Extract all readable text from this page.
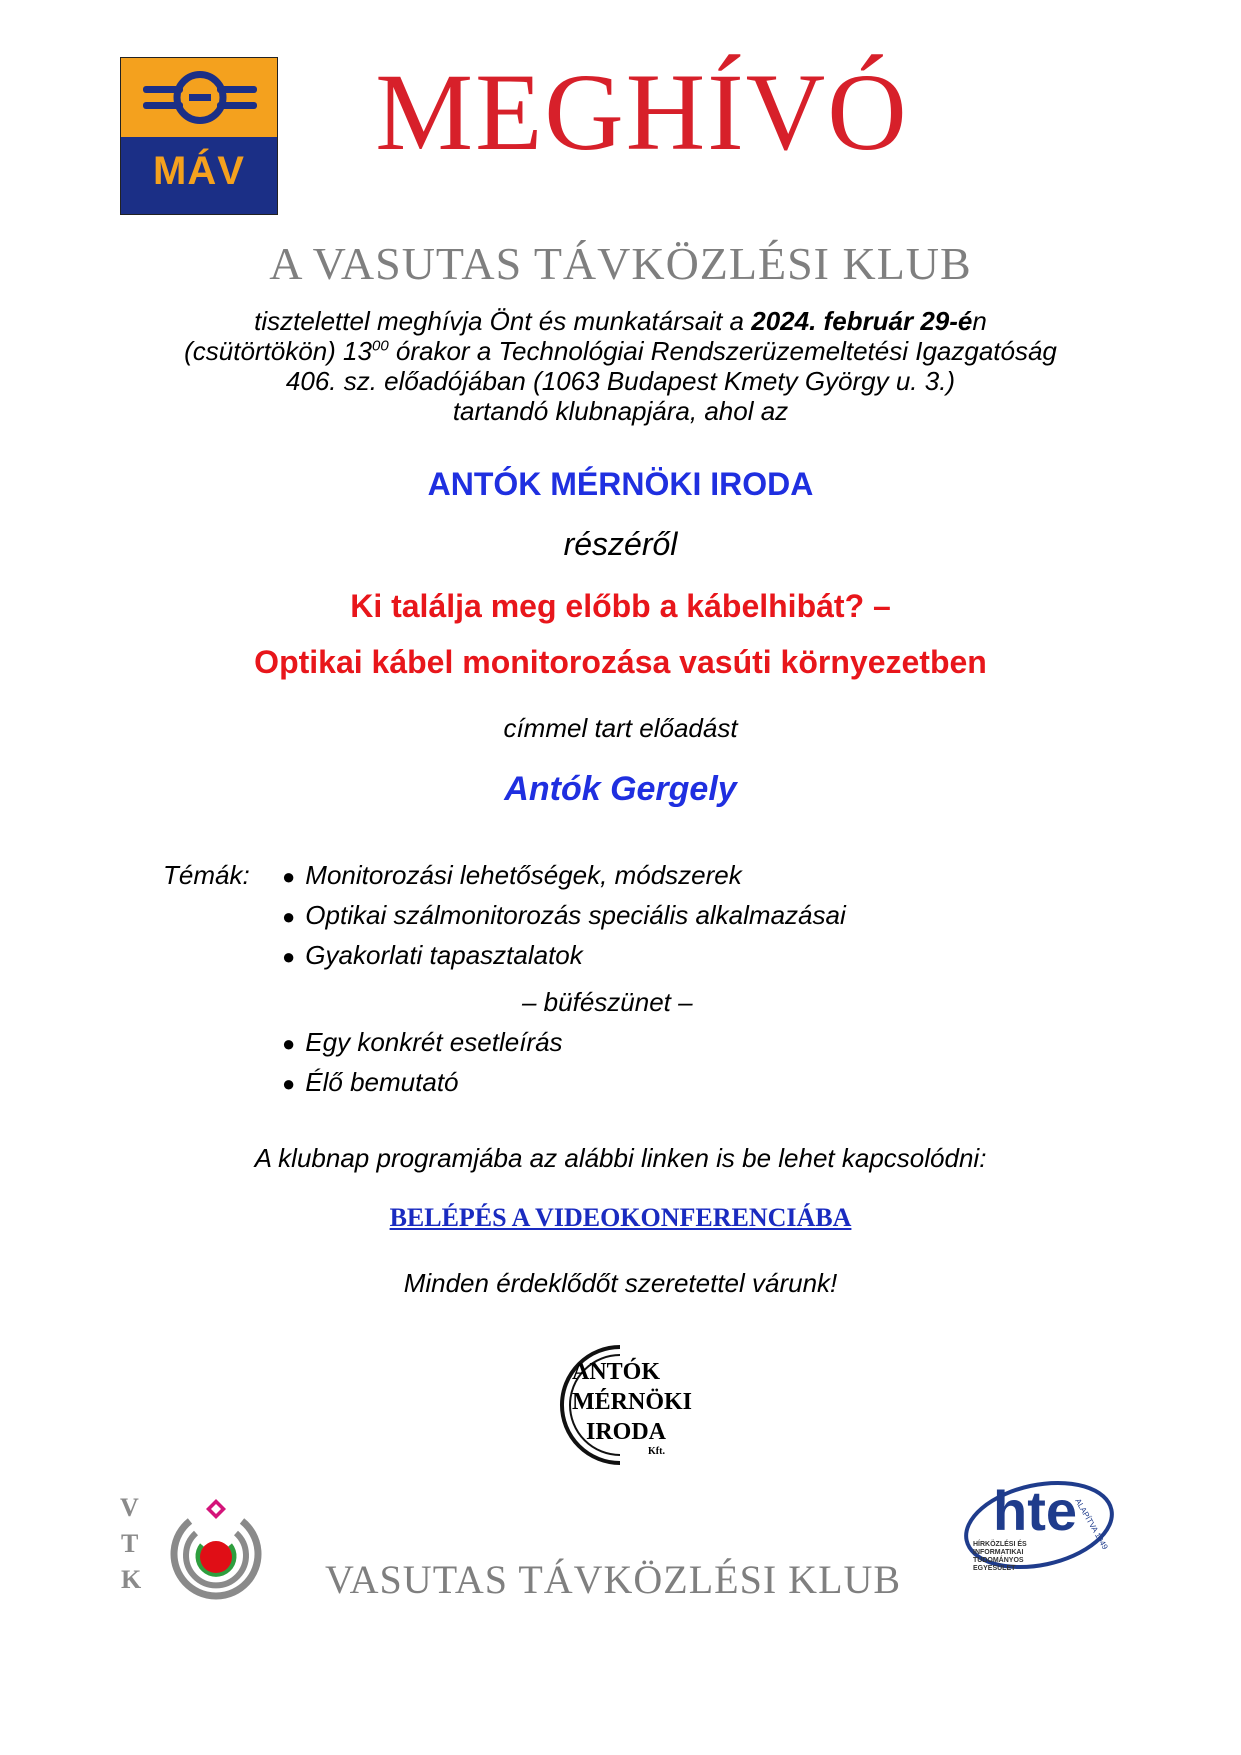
MÁV MEGHÍVÓ
A VASUTAS TÁVKÖZLÉSI KLUB
tisztelettel meghívja Önt és munkatársait a 2024. február 29-én
(csütörtökön) $13^{00}$ órakor a Technológiai Rendszerüzemeltetési Igazgatóság
406. sz. előadójában (1063 Budapest Kmety György u. 3.)
tartandó klubnapjára, ahol az
ANTÓK MÉRNÖKI IRODA
részéről
Ki találja meg előbb a kábelhibát? –
Optikai kábel monitorozása vasúti környezetben
címmel tart előadást
Antók Gergely
Témák: ● Monitorozási lehetőségek, módszerek
● Optikai szálmonitorozás speciális alkalmazásai
● Gyakorlati tapasztalatok
– büfészünet –
● Egy konkrét esetleírás
● Élő bemutató
A klubnap programjába az alábbi linken is be lehet kapcsolódni:
BELÉPÉS A VIDEOKONFERENCIÁBA
Minden érdeklődőt szeretettel várunk!
ANTÓK
MÉRNÖKI
IRODA
Kft.
V
T
K
hte
ALAPÍTVA 1949
HÍRKÖZLÉSI ÉS
INFORMATIKAI
TUDOMÁNYOS
EGYESÜLET
VASUTAS TÁVKÖZLÉSI KLUB
